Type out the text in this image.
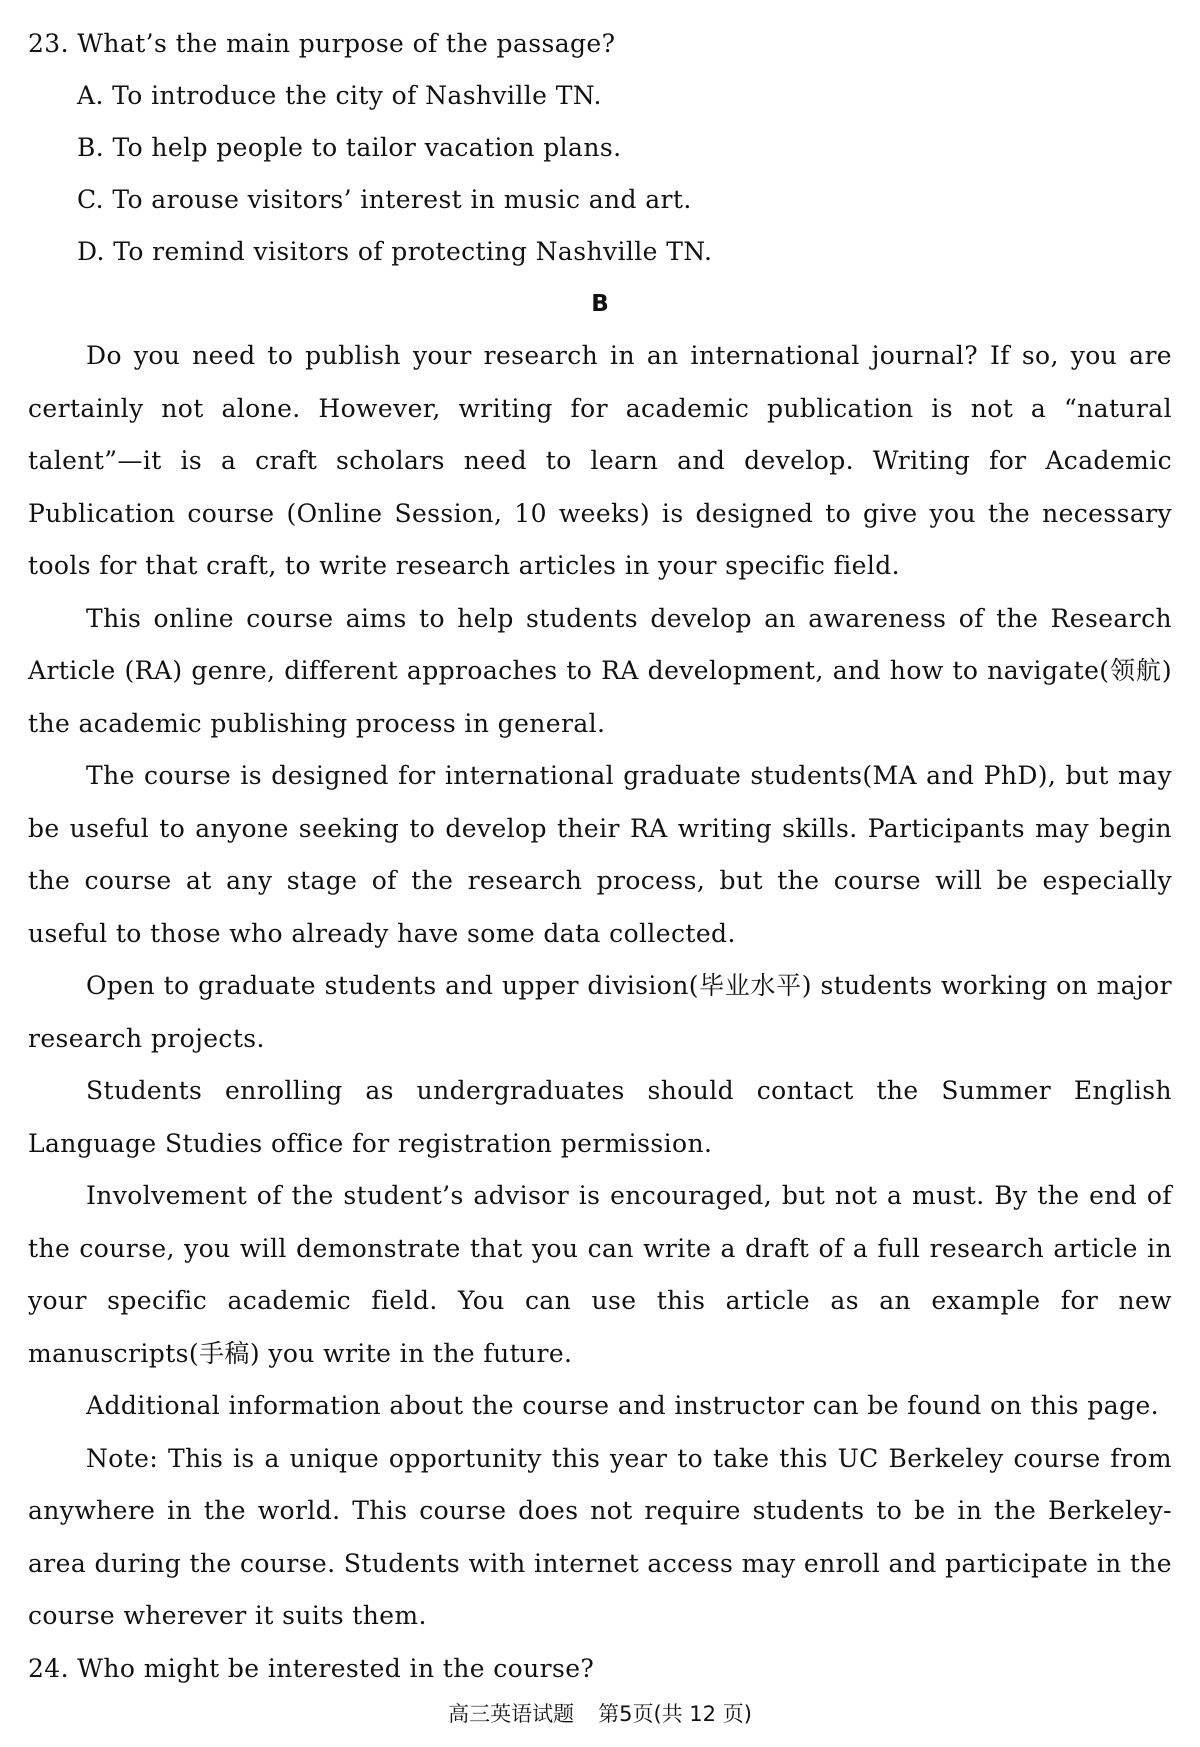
23. What’s the main purpose of the passage?

A. To introduce the city of Nashville TN.

B. To help people to tailor vacation plans.

C. To arouse visitors’ interest in music and art.

D. To remind visitors of protecting Nashville TN.

B

Do you need to publish your research in an international journal? If so, you are certainly not alone. However, writing for academic publication is not a “natural talent”—it is a craft scholars need to learn and develop. Writing for Academic Publication course (Online Session, 10 weeks) is designed to give you the necessary tools for that craft, to write research articles in your specific field.

This online course aims to help students develop an awareness of the Research Article (RA) genre, different approaches to RA development, and how to navigate(领航) the academic publishing process in general.

The course is designed for international graduate students(MA and PhD), but may be useful to anyone seeking to develop their RA writing skills. Participants may begin the course at any stage of the research process, but the course will be especially useful to those who already have some data collected.

Open to graduate students and upper division(毕业水平) students working on major research projects.

Students enrolling as undergraduates should contact the Summer English Language Studies office for registration permission.

Involvement of the student’s advisor is encouraged, but not a must. By the end of the course, you will demonstrate that you can write a draft of a full research article in your specific academic field. You can use this article as an example for new manuscripts(手稿) you write in the future.

Additional information about the course and instructor can be found on this page.

Note: This is a unique opportunity this year to take this UC Berkeley course from anywhere in the world. This course does not require students to be in the Berkeley-area during the course. Students with internet access may enroll and participate in the course wherever it suits them.

24. Who might be interested in the course?

高三英语试题 第5页(共 12 页)
